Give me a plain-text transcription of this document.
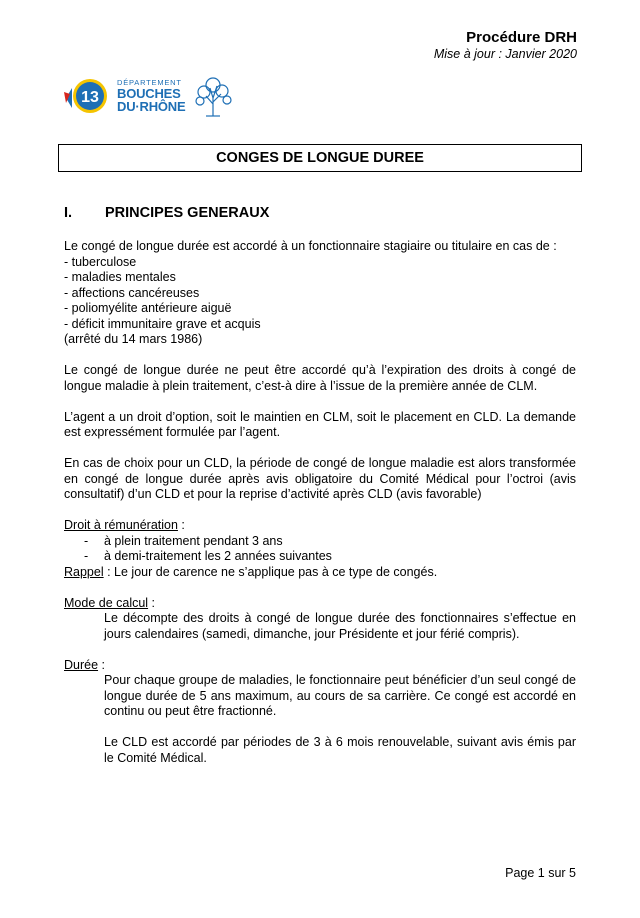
Procédure DRH
Mise à jour : Janvier 2020
13
DÉPARTEMENT
BOUCHES
DU·RHÔNE
CONGES DE LONGUE DUREE
I. PRINCIPES GENERAUX
Le congé de longue durée est accordé à un fonctionnaire stagiaire ou titulaire en cas de :
- tuberculose
- maladies mentales
- affections cancéreuses
- poliomyélite antérieure aiguë
- déficit immunitaire grave et acquis
(arrêté du 14 mars 1986)
Le congé de longue durée ne peut être accordé qu’à l’expiration des droits à congé de longue maladie à plein traitement, c’est-à dire à l’issue de la première année de CLM.
L’agent a un droit d’option, soit le maintien en CLM, soit le placement en CLD. La demande est expressément formulée par l’agent.
En cas de choix pour un CLD, la période de congé de longue maladie est alors transformée en congé de longue durée après avis obligatoire du Comité Médical pour l’octroi (avis consultatif) d’un CLD et pour la reprise d’activité après CLD (avis favorable)
Droit à rémunération :
- à plein traitement pendant 3 ans
- à demi-traitement les 2 années suivantes
Rappel : Le jour de carence ne s’applique pas à ce type de congés.
Mode de calcul :
Le décompte des droits à congé de longue durée des fonctionnaires s’effectue en jours calendaires (samedi, dimanche, jour Présidente et jour férié compris).
Durée :
Pour chaque groupe de maladies, le fonctionnaire peut bénéficier d’un seul congé de longue durée de 5 ans maximum, au cours de sa carrière. Ce congé est accordé en continu ou peut être fractionné.
Le CLD est accordé par périodes de 3 à 6 mois renouvelable, suivant avis émis par le Comité Médical.
Page 1 sur 5
